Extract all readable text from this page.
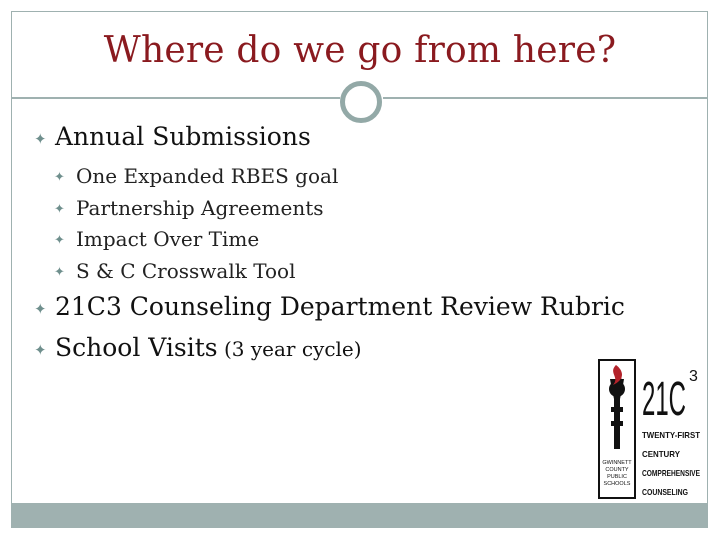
Where do we go from here?
✦ Annual Submissions
✦ One Expanded RBES goal
✦ Partnership Agreements
✦ Impact Over Time
✦ S & C Crosswalk Tool
✦ 21C3 Counseling Department Review Rubric
✦ School Visits (3 year cycle)
GWINNETT
COUNTY
PUBLIC
SCHOOLS
21C 3
TWENTY-FIRST
CENTURY
COMPREHENSIVE
COUNSELING
